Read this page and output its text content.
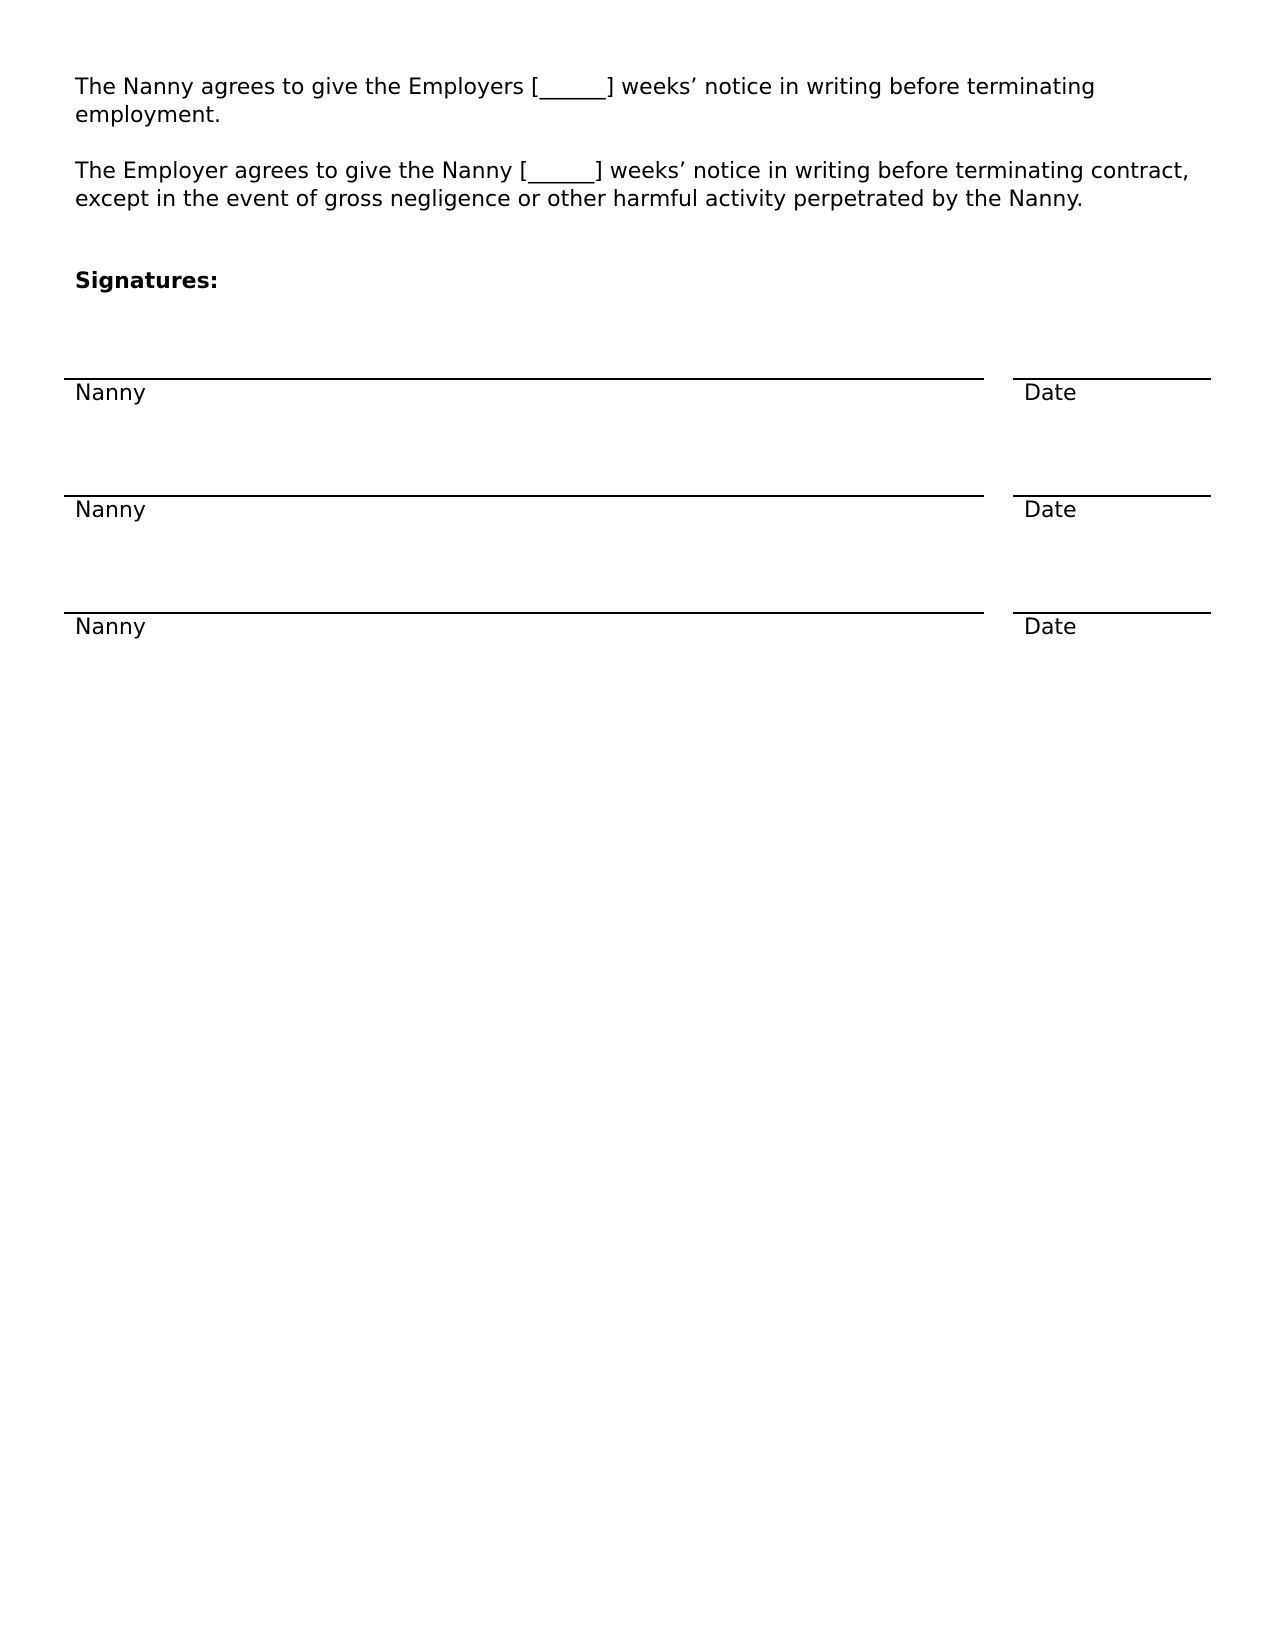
The Nanny agrees to give the Employers [______] weeks’ notice in writing before terminating employment.

The Employer agrees to give the Nanny [______] weeks’ notice in writing before terminating contract, except in the event of gross negligence or other harmful activity perpetrated by the Nanny.

Signatures:

Nanny	Date
Nanny	Date
Nanny	Date
